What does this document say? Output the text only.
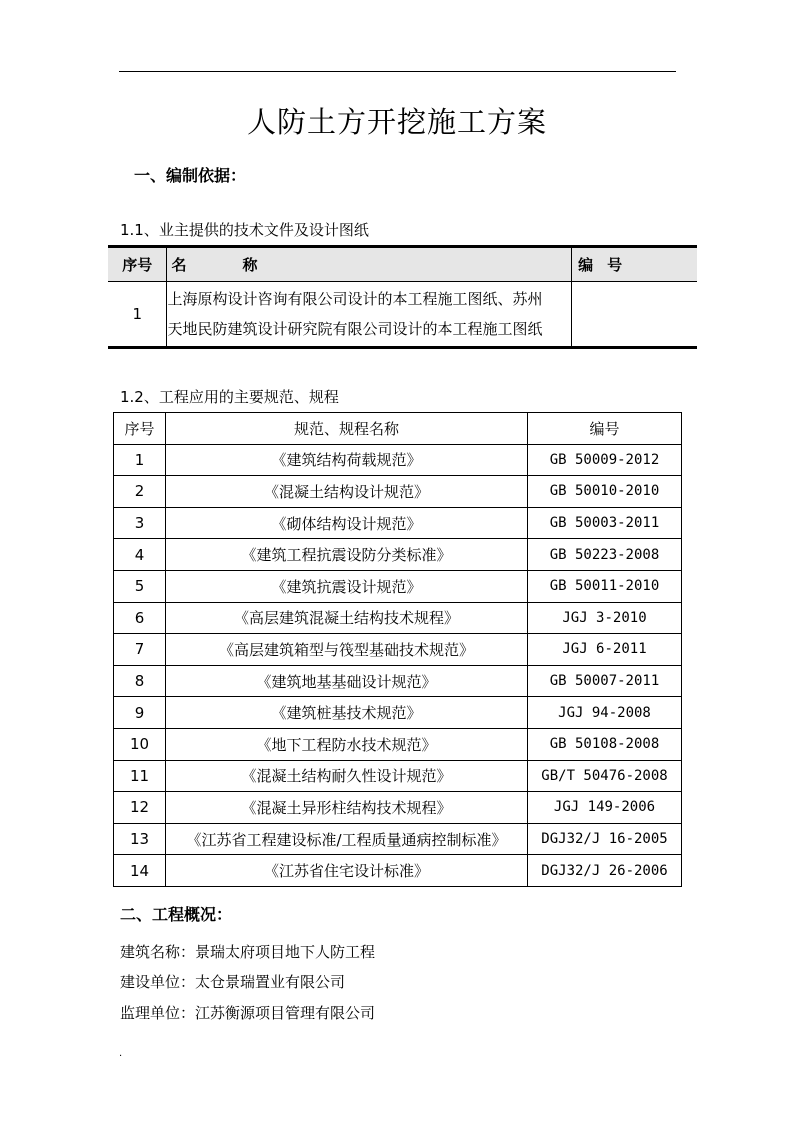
人防土方开挖施工方案
一、编制依据：
1.1、业主提供的技术文件及设计图纸
序号	名 称	编 号
1	上海原构设计咨询有限公司设计的本工程施工图纸、苏州
天地民防建筑设计研究院有限公司设计的本工程施工图纸	

1.2、工程应用的主要规范、规程
序号	规范、规程名称	编号
1	《建筑结构荷载规范》	GB 50009-2012
2	《混凝土结构设计规范》	GB 50010-2010
3	《砌体结构设计规范》	GB 50003-2011
4	《建筑工程抗震设防分类标准》	GB 50223-2008
5	《建筑抗震设计规范》	GB 50011-2010
6	《高层建筑混凝土结构技术规程》	JGJ 3-2010
7	《高层建筑箱型与筏型基础技术规范》	JGJ 6-2011
8	《建筑地基基础设计规范》	GB 50007-2011
9	《建筑桩基技术规范》	JGJ 94-2008
10	《地下工程防水技术规范》	GB 50108-2008
11	《混凝土结构耐久性设计规范》	GB/T 50476-2008
12	《混凝土异形柱结构技术规程》	JGJ 149-2006
13	《江苏省工程建设标准/工程质量通病控制标准》	DGJ32/J 16-2005
14	《江苏省住宅设计标准》	DGJ32/J 26-2006
二、工程概况：
建筑名称：景瑞太府项目地下人防工程
建设单位：太仓景瑞置业有限公司
监理单位：江苏衡源项目管理有限公司
.
